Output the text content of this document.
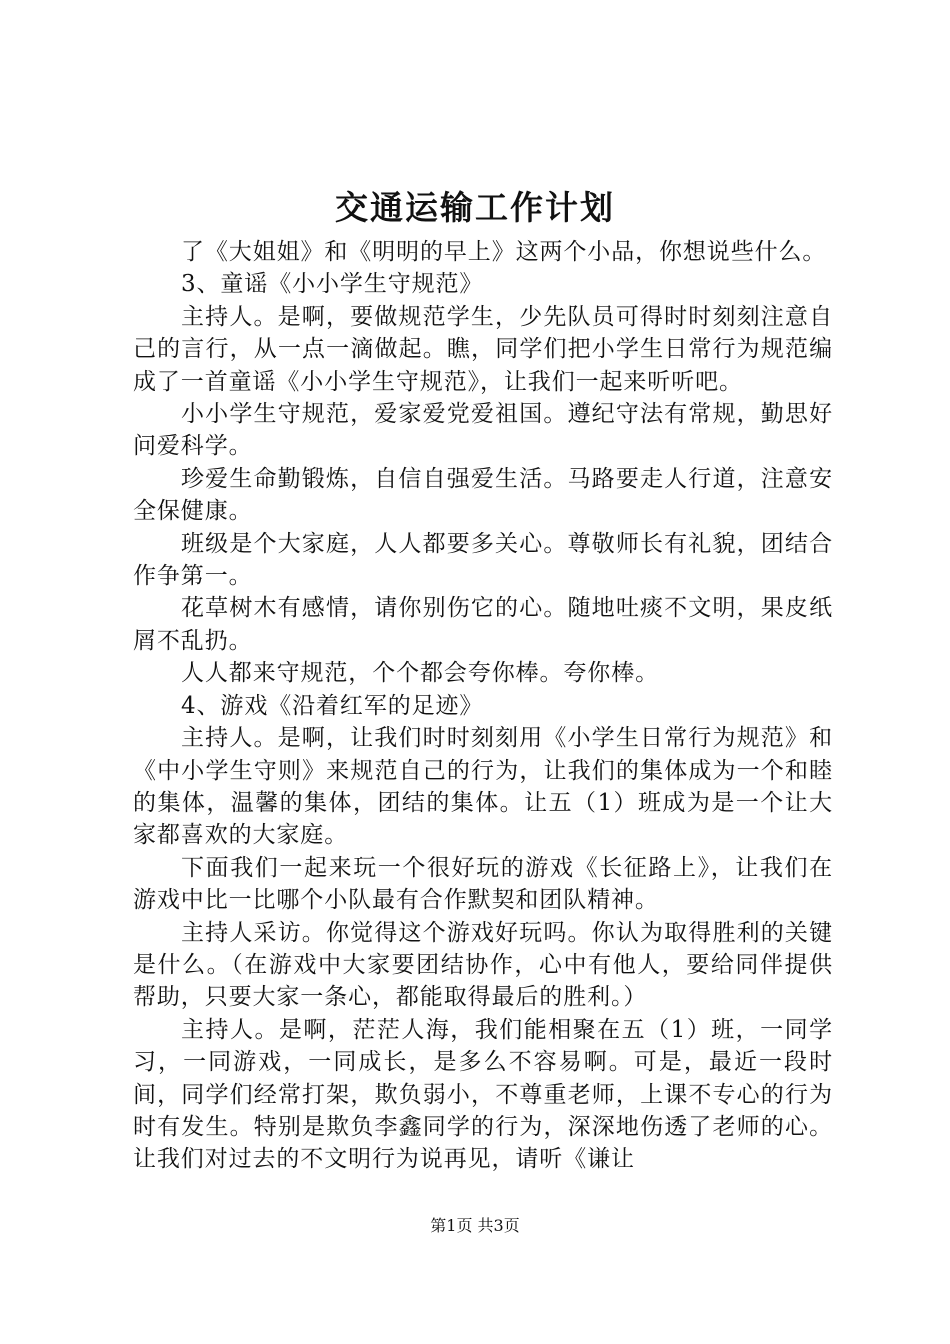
交通运输工作计划

了《大姐姐》和《明明的早上》这两个小品，你想说些什么。

3、童谣《小小学生守规范》

主持人。是啊，要做规范学生，少先队员可得时时刻刻注意自己的言行，从一点一滴做起。瞧，同学们把小学生日常行为规范编成了一首童谣《小小学生守规范》，让我们一起来听听吧。

小小学生守规范，爱家爱党爱祖国。遵纪守法有常规，勤思好问爱科学。

珍爱生命勤锻炼，自信自强爱生活。马路要走人行道，注意安全保健康。

班级是个大家庭，人人都要多关心。尊敬师长有礼貌，团结合作争第一。

花草树木有感情，请你别伤它的心。随地吐痰不文明，果皮纸屑不乱扔。

人人都来守规范，个个都会夸你棒。夸你棒。

4、游戏《沿着红军的足迹》

主持人。是啊，让我们时时刻刻用《小学生日常行为规范》和《中小学生守则》来规范自己的行为，让我们的集体成为一个和睦的集体，温馨的集体，团结的集体。让五（1）班成为是一个让大家都喜欢的大家庭。

下面我们一起来玩一个很好玩的游戏《长征路上》，让我们在游戏中比一比哪个小队最有合作默契和团队精神。

主持人采访。你觉得这个游戏好玩吗。你认为取得胜利的关键是什么。（在游戏中大家要团结协作，心中有他人，要给同伴提供帮助，只要大家一条心，都能取得最后的胜利。）

主持人。是啊，茫茫人海，我们能相聚在五（1）班，一同学习，一同游戏，一同成长，是多么不容易啊。可是，最近一段时间，同学们经常打架，欺负弱小，不尊重老师，上课不专心的行为时有发生。特别是欺负李鑫同学的行为，深深地伤透了老师的心。让我们对过去的不文明行为说再见，请听《谦让

第1页 共3页
